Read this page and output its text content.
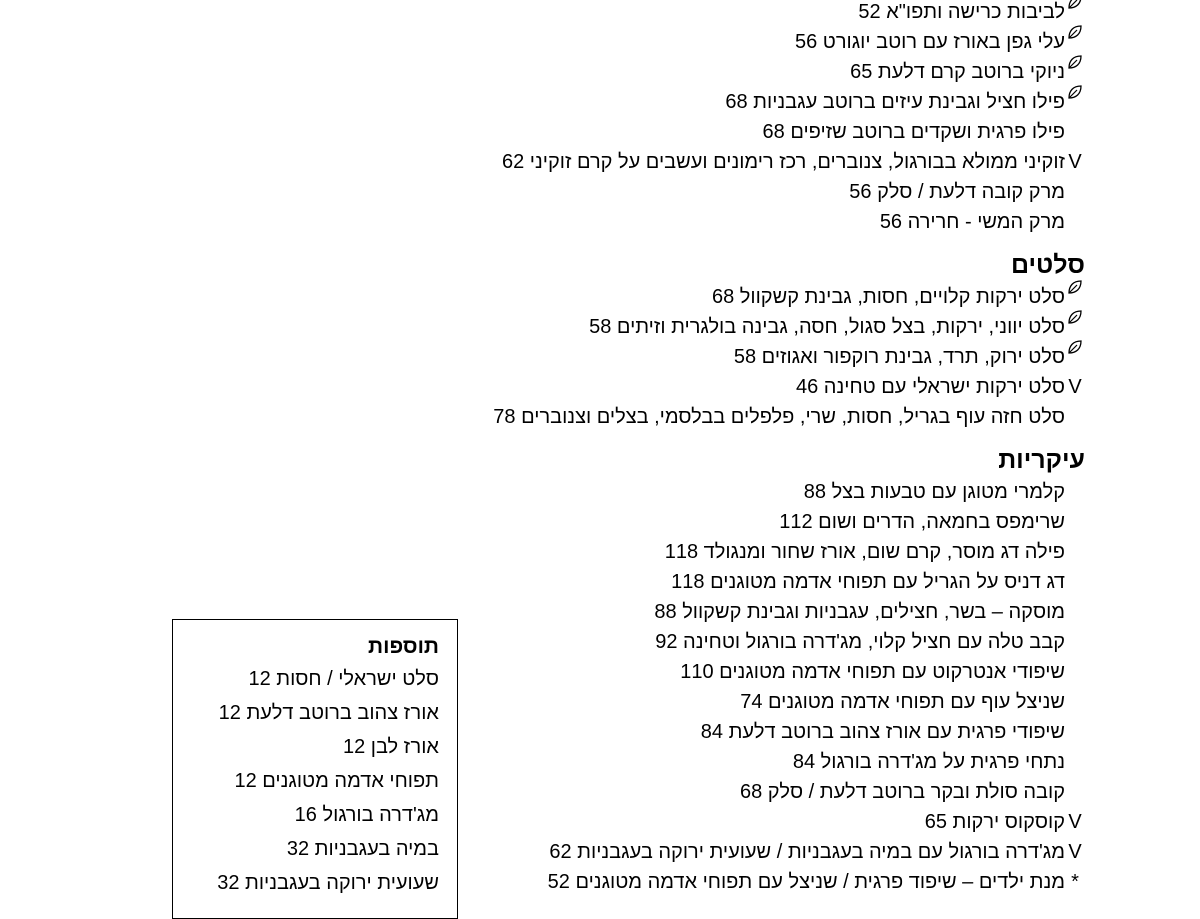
לביבות כרישה ותפו"א 52
עלי גפן באורז עם רוטב יוגורט 56
ניוקי ברוטב קרם דלעת 65
פילו חציל וגבינת עיזים ברוטב עגבניות 68
פילו פרגית ושקדים ברוטב שזיפים 68
Vזוקיני ממולא בבורגול, צנוברים, רכז רימונים ועשבים על קרם זוקיני 62
מרק קובה דלעת / סלק 56
מרק המשי - חרירה 56
סלטים
סלט ירקות קלויים, חסות, גבינת קשקוול 68
סלט יווני, ירקות, בצל סגול, חסה, גבינה בולגרית וזיתים 58
סלט ירוק, תרד, גבינת רוקפור ואגוזים 58
Vסלט ירקות ישראלי עם טחינה 46
סלט חזה עוף בגריל, חסות, שרי, פלפלים בבלסמי, בצלים וצנוברים 78
עיקריות
קלמרי מטוגן עם טבעות בצל 88
שרימפס בחמאה, הדרים ושום 112
פילה דג מוסר, קרם שום, אורז שחור ומנגולד 118
דג דניס על הגריל עם תפוחי אדמה מטוגנים 118
מוסקה – בשר, חצילים, עגבניות וגבינת קשקוול 88
קבב טלה עם חציל קלוי, מג'דרה בורגול וטחינה 92
שיפודי אנטרקוט עם תפוחי אדמה מטוגנים 110
שניצל עוף עם תפוחי אדמה מטוגנים 74
שיפודי פרגית עם אורז צהוב ברוטב דלעת 84
נתחי פרגית על מג'דרה בורגול 84
קובה סולת ובקר ברוטב דלעת / סלק 68
Vקוסקוס ירקות 65
Vמג'דרה בורגול עם במיה בעגבניות / שעועית ירוקה בעגבניות 62
*מנת ילדים – שיפוד פרגית / שניצל עם תפוחי אדמה מטוגנים 52
תוספות
סלט ישראלי / חסות 12
אורז צהוב ברוטב דלעת 12
אורז לבן 12
תפוחי אדמה מטוגנים 12
מג'דרה בורגול 16
במיה בעגבניות 32
שעועית ירוקה בעגבניות 32
